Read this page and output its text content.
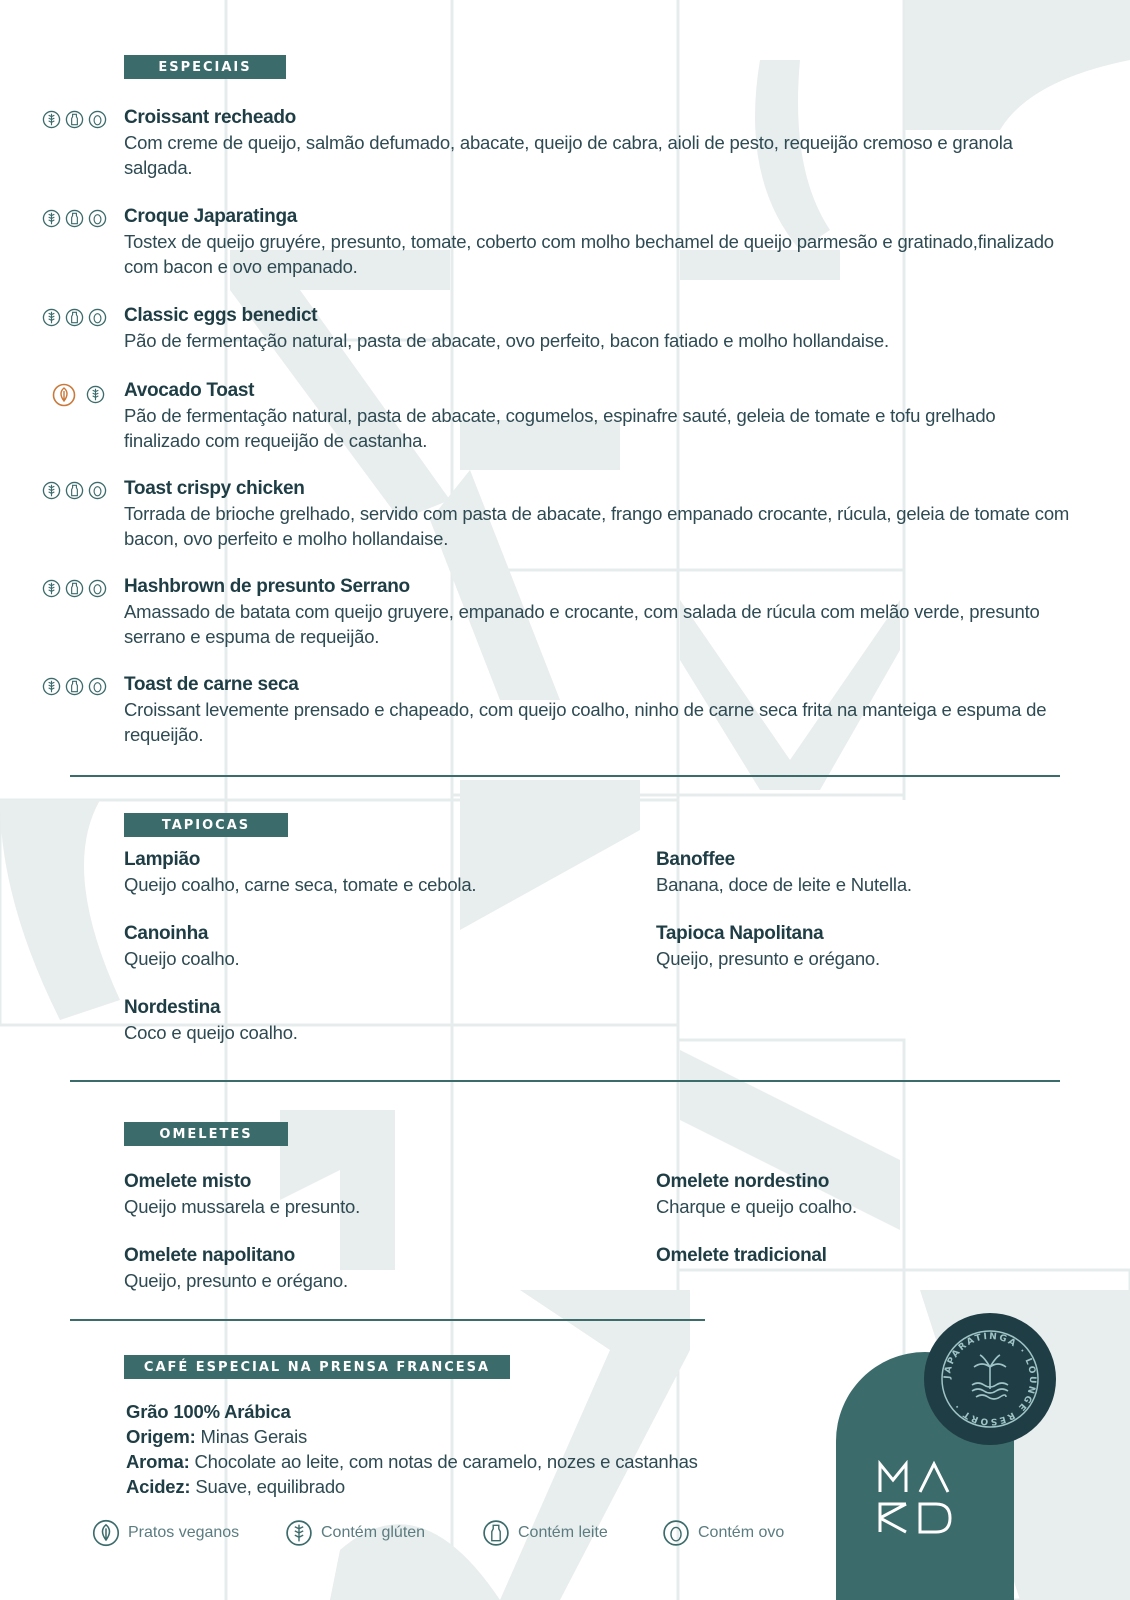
ESPECIAIS
Croissant recheado
Com creme de queijo, salmão defumado, abacate, queijo de cabra, aioli de pesto, requeijão cremoso e granola salgada.
Croque Japaratinga
Tostex de queijo gruyére, presunto, tomate, coberto com molho bechamel de queijo parmesão e gratinado,finalizado com bacon e ovo empanado.
Classic eggs benedict
Pão de fermentação natural, pasta de abacate, ovo perfeito, bacon fatiado e molho hollandaise.
Avocado Toast
Pão de fermentação natural, pasta de abacate, cogumelos, espinafre sauté, geleia de tomate e tofu grelhado finalizado com requeijão de castanha.
Toast crispy chicken
Torrada de brioche grelhado, servido com pasta de abacate, frango empanado crocante, rúcula, geleia de tomate com bacon, ovo perfeito e molho hollandaise.
Hashbrown de presunto Serrano
Amassado de batata com queijo gruyere, empanado e crocante, com salada de rúcula com melão verde, presunto serrano e espuma de requeijão.
Toast de carne seca
Croissant levemente prensado e chapeado, com queijo coalho, ninho de carne seca frita na manteiga e espuma de requeijão.
TAPIOCAS
Lampião
Queijo coalho, carne seca, tomate e cebola.
Banoffee
Banana, doce de leite e Nutella.
Canoinha
Queijo coalho.
Tapioca Napolitana
Queijo, presunto e orégano.
Nordestina
Coco e queijo coalho.
OMELETES
Omelete misto
Queijo mussarela e presunto.
Omelete nordestino
Charque e queijo coalho.
Omelete napolitano
Queijo, presunto e orégano.
Omelete tradicional
CAFÉ ESPECIAL NA PRENSA FRANCESA
Grão 100% Arábica
Origem: Minas Gerais
Aroma: Chocolate ao leite, com notas de caramelo, nozes e castanhas
Acidez: Suave, equilibrado
JAPARATINGA · LOUNGE RESORT ·
Pratos veganos	Contém glúten	Contém leite	Contém ovo
